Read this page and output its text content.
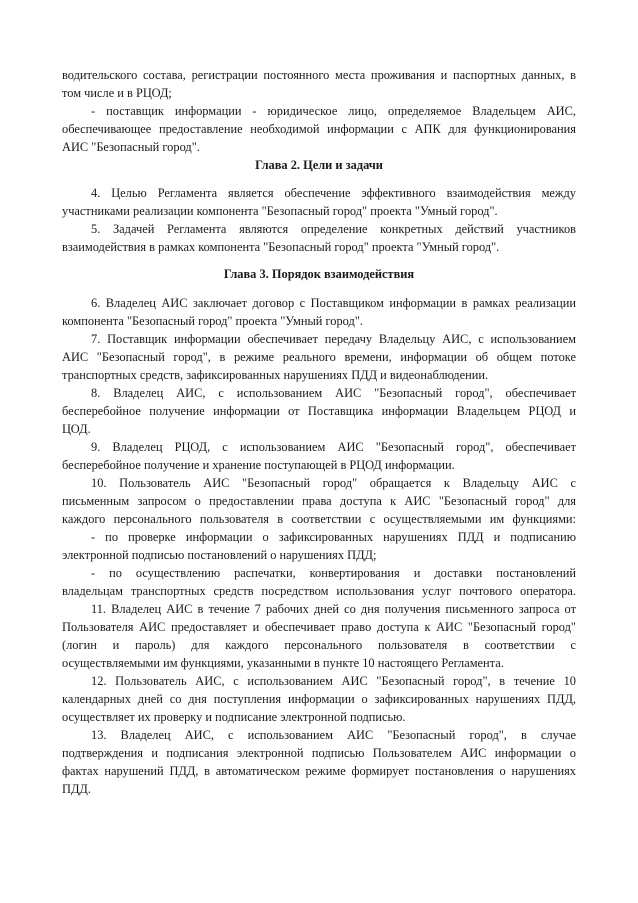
водительского состава, регистрации постоянного места проживания и паспортных данных, в
том числе и в РЦОД;
- поставщик информации - юридическое лицо, определяемое Владельцем АИС,
обеспечивающее предоставление необходимой информации с АПК для функционирования
АИС "Безопасный город".
Глава 2. Цели и задачи
4. Целью Регламента является обеспечение эффективного взаимодействия между
участниками реализации компонента "Безопасный город" проекта "Умный город".
5. Задачей Регламента являются определение конкретных действий участников
взаимодействия в рамках компонента "Безопасный город" проекта "Умный город".
Глава 3. Порядок взаимодействия
6. Владелец АИС заключает договор с Поставщиком информации в рамках реализации
компонента "Безопасный город" проекта "Умный город".
7. Поставщик информации обеспечивает передачу Владельцу АИС, с использованием
АИС "Безопасный город", в режиме реального времени, информации об общем потоке
транспортных средств, зафиксированных нарушениях ПДД и видеонаблюдении.
8. Владелец АИС, с использованием АИС "Безопасный город", обеспечивает
бесперебойное получение информации от Поставщика информации Владельцем РЦОД и
ЦОД.
9. Владелец РЦОД, с использованием АИС "Безопасный город", обеспечивает
бесперебойное получение и хранение поступающей в РЦОД информации.
10. Пользователь АИС "Безопасный город" обращается к Владельцу АИС с
письменным запросом о предоставлении права доступа к АИС "Безопасный город" для
каждого персонального пользователя в соответствии с осуществляемыми им функциями:
- по проверке информации о зафиксированных нарушениях ПДД и подписанию
электронной подписью постановлений о нарушениях ПДД;
- по осуществлению распечатки, конвертирования и доставки постановлений
владельцам транспортных средств посредством использования услуг почтового оператора.
11. Владелец АИС в течение 7 рабочих дней со дня получения письменного запроса от
Пользователя АИС предоставляет и обеспечивает право доступа к АИС "Безопасный город"
(логин и пароль) для каждого персонального пользователя в соответствии с
осуществляемыми им функциями, указанными в пункте 10 настоящего Регламента.
12. Пользователь АИС, с использованием АИС "Безопасный город", в течение 10
календарных дней со дня поступления информации о зафиксированных нарушениях ПДД,
осуществляет их проверку и подписание электронной подписью.
13. Владелец АИС, с использованием АИС "Безопасный город", в случае
подтверждения и подписания электронной подписью Пользователем АИС информации о
фактах нарушений ПДД, в автоматическом режиме формирует постановления о нарушениях
ПДД.
